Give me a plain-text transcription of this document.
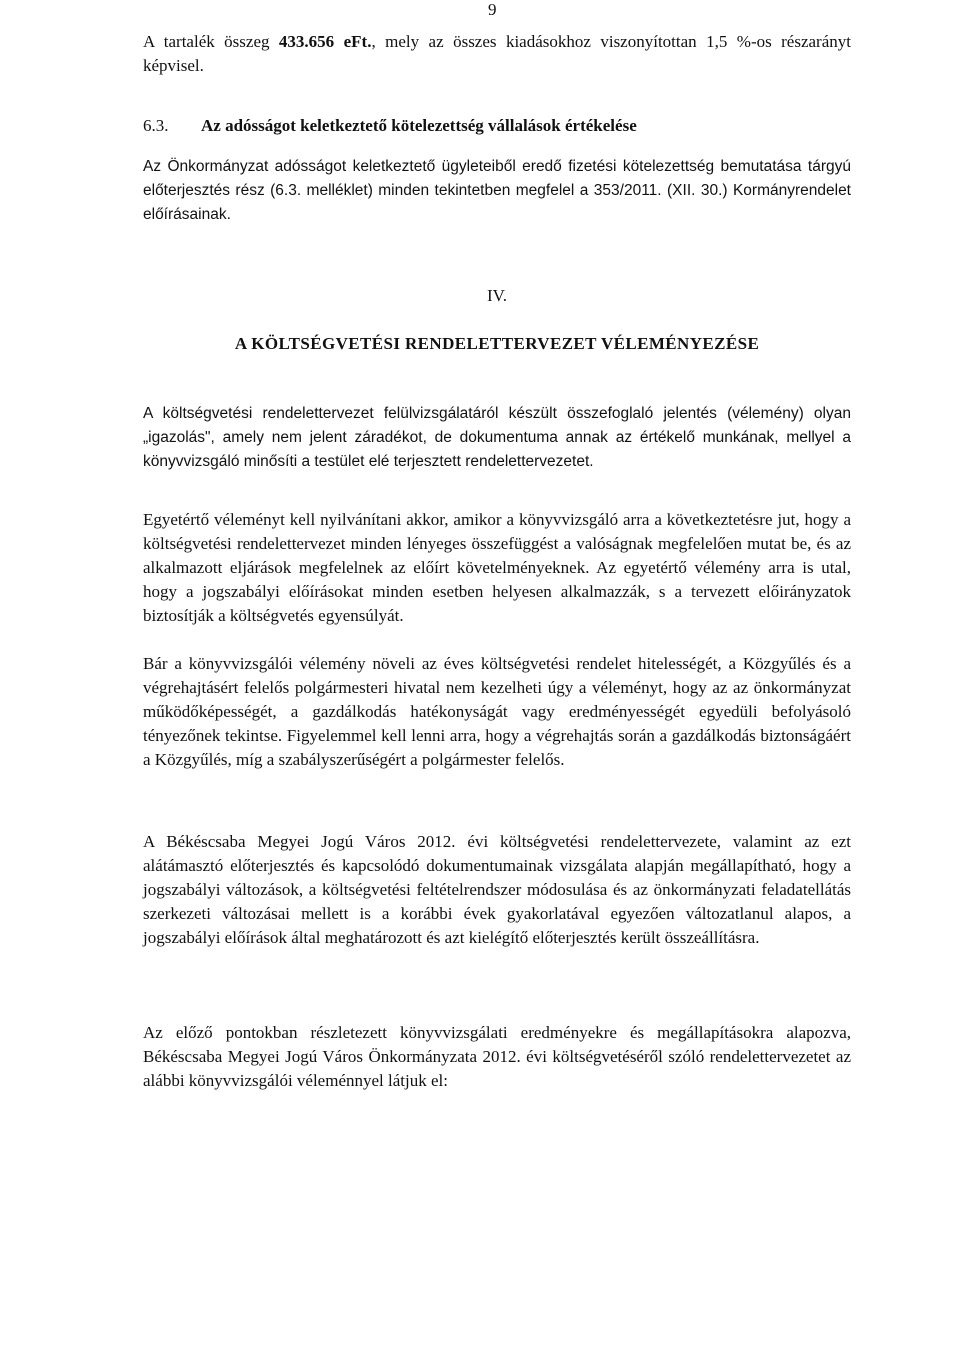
9

A tartalék összeg 433.656 eFt., mely az összes kiadásokhoz viszonyítottan 1,5 %-os részarányt képvisel.

6.3. Az adósságot keletkeztető kötelezettség vállalások értékelése

Az Önkormányzat adósságot keletkeztető ügyleteiből eredő fizetési kötelezettség bemutatása tárgyú előterjesztés rész (6.3. melléklet) minden tekintetben megfelel a 353/2011. (XII. 30.) Kormányrendelet előírásainak.

IV.
A KÖLTSÉGVETÉSI RENDELETTERVEZET VÉLEMÉNYEZÉSE

A költségvetési rendelettervezet felülvizsgálatáról készült összefoglaló jelentés (vélemény) olyan „igazolás", amely nem jelent záradékot, de dokumentuma annak az értékelő munkának, mellyel a könyvvizsgáló minősíti a testület elé terjesztett rendelettervezetet.

Egyetértő véleményt kell nyilvánítani akkor, amikor a könyvvizsgáló arra a következtetésre jut, hogy a költségvetési rendelettervezet minden lényeges összefüggést a valóságnak megfelelően mutat be, és az alkalmazott eljárások megfelelnek az előírt követelményeknek. Az egyetértő vélemény arra is utal, hogy a jogszabályi előírásokat minden esetben helyesen alkalmazzák, s a tervezett előirányzatok biztosítják a költségvetés egyensúlyát.

Bár a könyvvizsgálói vélemény növeli az éves költségvetési rendelet hitelességét, a Közgyűlés és a végrehajtásért felelős polgármesteri hivatal nem kezelheti úgy a véleményt, hogy az az önkormányzat működőképességét, a gazdálkodás hatékonyságát vagy eredményességét egyedüli befolyásoló tényezőnek tekintse. Figyelemmel kell lenni arra, hogy a végrehajtás során a gazdálkodás biztonságáért a Közgyűlés, míg a szabályszerűségért a polgármester felelős.

A Békéscsaba Megyei Jogú Város 2012. évi költségvetési rendelettervezete, valamint az ezt alátámasztó előterjesztés és kapcsolódó dokumentumainak vizsgálata alapján megállapítható, hogy a jogszabályi változások, a költségvetési feltételrendszer módosulása és az önkormányzati feladatellátás szerkezeti változásai mellett is a korábbi évek gyakorlatával egyezően változatlanul alapos, a jogszabályi előírások által meghatározott és azt kielégítő előterjesztés került összeállításra.

Az előző pontokban részletezett könyvvizsgálati eredményekre és megállapításokra alapozva, Békéscsaba Megyei Jogú Város Önkormányzata 2012. évi költségvetéséről szóló rendelettervezetet az alábbi könyvvizsgálói véleménnyel látjuk el:
